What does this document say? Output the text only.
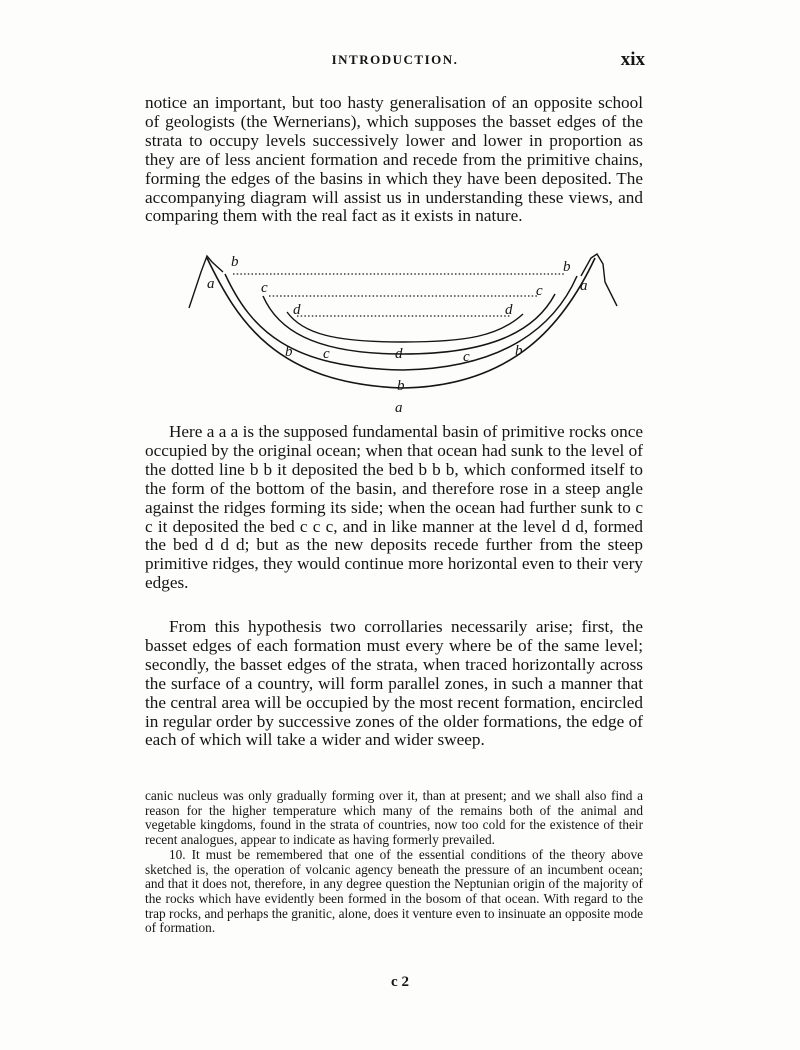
INTRODUCTION.	xix

notice an important, but too hasty generalisation of an opposite school of geologists (the Wernerians), which supposes the basset edges of the strata to occupy levels successively lower and lower in proportion as they are of less ancient formation and recede from the primitive chains, forming the edges of the basins in which they have been deposited. The accompanying diagram will assist us in understanding these views, and comparing them with the real fact as it exists in nature.

b	b
a	a
c	c
d	d
b c	d	c	b
b
a

Here a a a is the supposed fundamental basin of primitive rocks once occupied by the original ocean; when that ocean had sunk to the level of the dotted line b b it deposited the bed b b b, which conformed itself to the form of the bottom of the basin, and therefore rose in a steep angle against the ridges forming its side; when the ocean had further sunk to c c it deposited the bed c c c, and in like manner at the level d d, formed the bed d d d; but as the new deposits recede further from the steep primitive ridges, they would continue more horizontal even to their very edges.

From this hypothesis two corrollaries necessarily arise; first, the basset edges of each formation must every where be of the same level; secondly, the basset edges of the strata, when traced horizontally across the surface of a country, will form parallel zones, in such a manner that the central area will be occupied by the most recent formation, encircled in regular order by successive zones of the older formations, the edge of each of which will take a wider and wider sweep.

canic nucleus was only gradually forming over it, than at present; and we shall also find a reason for the higher temperature which many of the remains both of the animal and vegetable kingdoms, found in the strata of countries, now too cold for the existence of their recent analogues, appear to indicate as having formerly prevailed.

10. It must be remembered that one of the essential conditions of the theory above sketched is, the operation of volcanic agency beneath the pressure of an incumbent ocean; and that it does not, therefore, in any degree question the Neptunian origin of the majority of the rocks which have evidently been formed in the bosom of that ocean. With regard to the trap rocks, and perhaps the granitic, alone, does it venture even to insinuate an opposite mode of formation.

c 2
